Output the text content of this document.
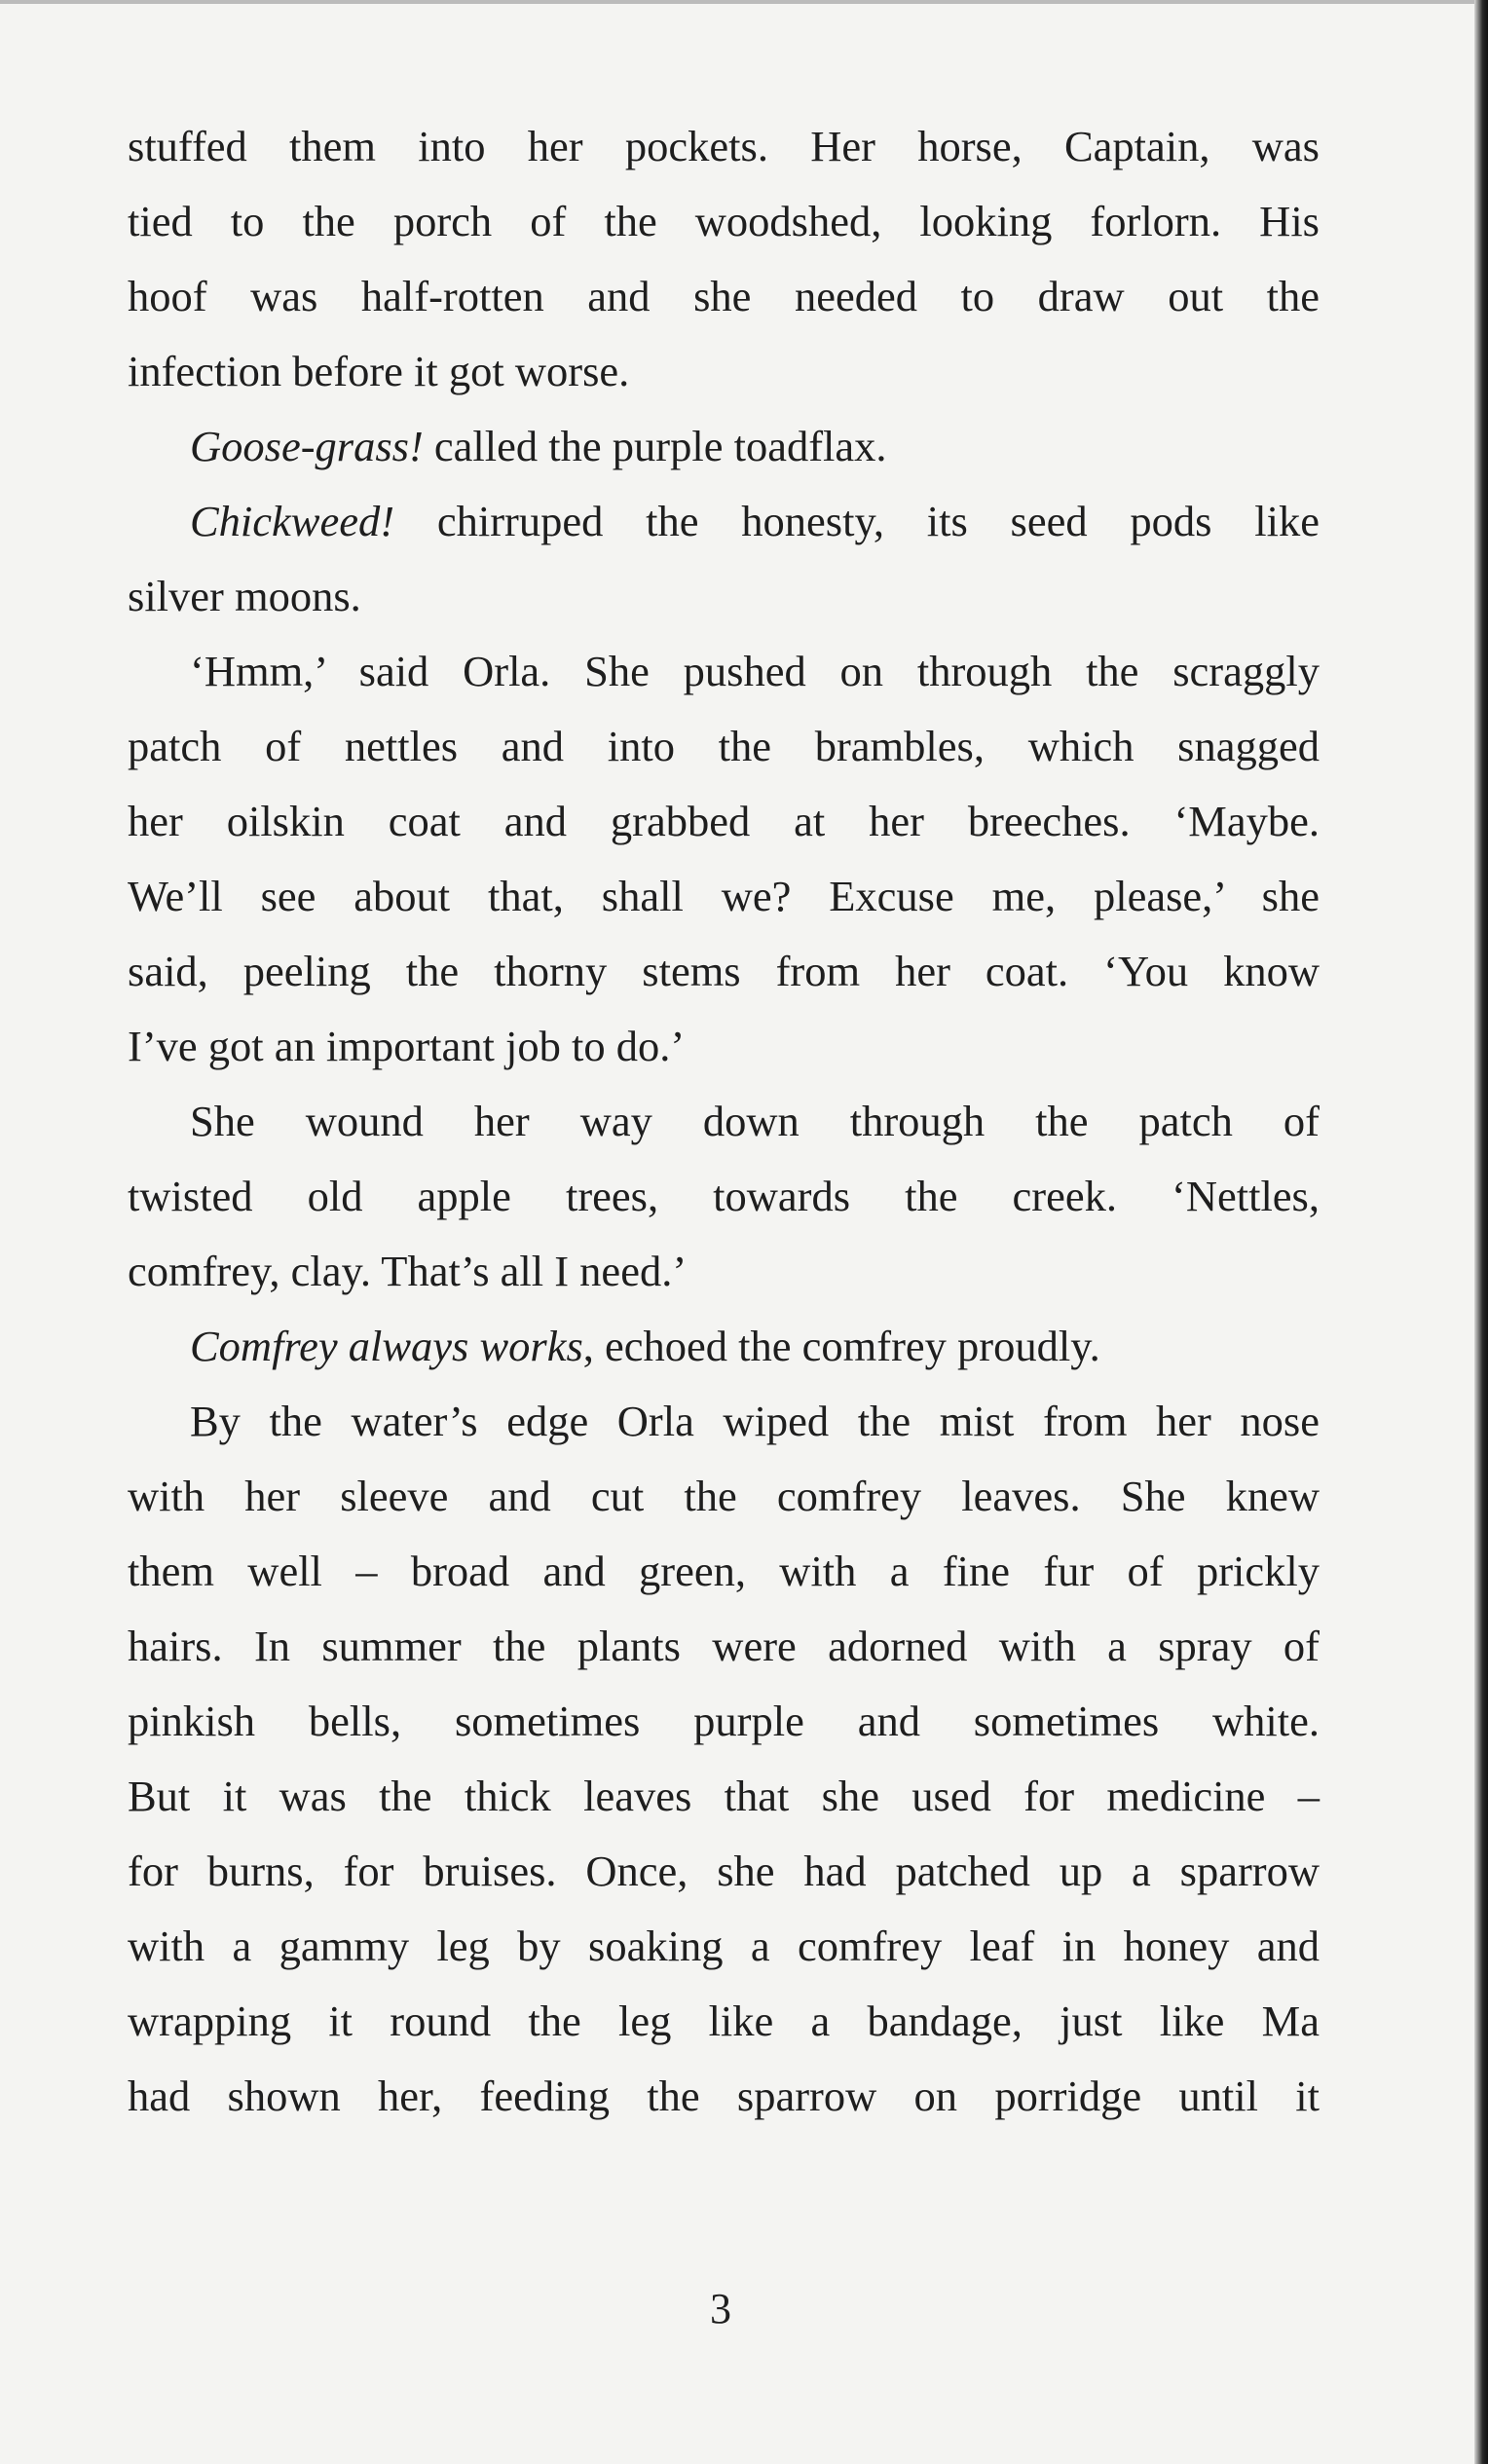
stuffed them into her pockets. Her horse, Captain, was
tied to the porch of the woodshed, looking forlorn. His
hoof was half-rotten and she needed to draw out the
infection before it got worse.
Goose-grass! called the purple toadflax.
Chickweed! chirruped the honesty, its seed pods like
silver moons.
‘Hmm,’ said Orla. She pushed on through the scraggly
patch of nettles and into the brambles, which snagged
her oilskin coat and grabbed at her breeches. ‘Maybe.
We’ll see about that, shall we? Excuse me, please,’ she
said, peeling the thorny stems from her coat. ‘You know
I’ve got an important job to do.’
She wound her way down through the patch of
twisted old apple trees, towards the creek. ‘Nettles,
comfrey, clay. That’s all I need.’
Comfrey always works, echoed the comfrey proudly.
By the water’s edge Orla wiped the mist from her nose
with her sleeve and cut the comfrey leaves. She knew
them well – broad and green, with a fine fur of prickly
hairs. In summer the plants were adorned with a spray of
pinkish bells, sometimes purple and sometimes white.
But it was the thick leaves that she used for medicine –
for burns, for bruises. Once, she had patched up a sparrow
with a gammy leg by soaking a comfrey leaf in honey and
wrapping it round the leg like a bandage, just like Ma
had shown her, feeding the sparrow on porridge until it
3
